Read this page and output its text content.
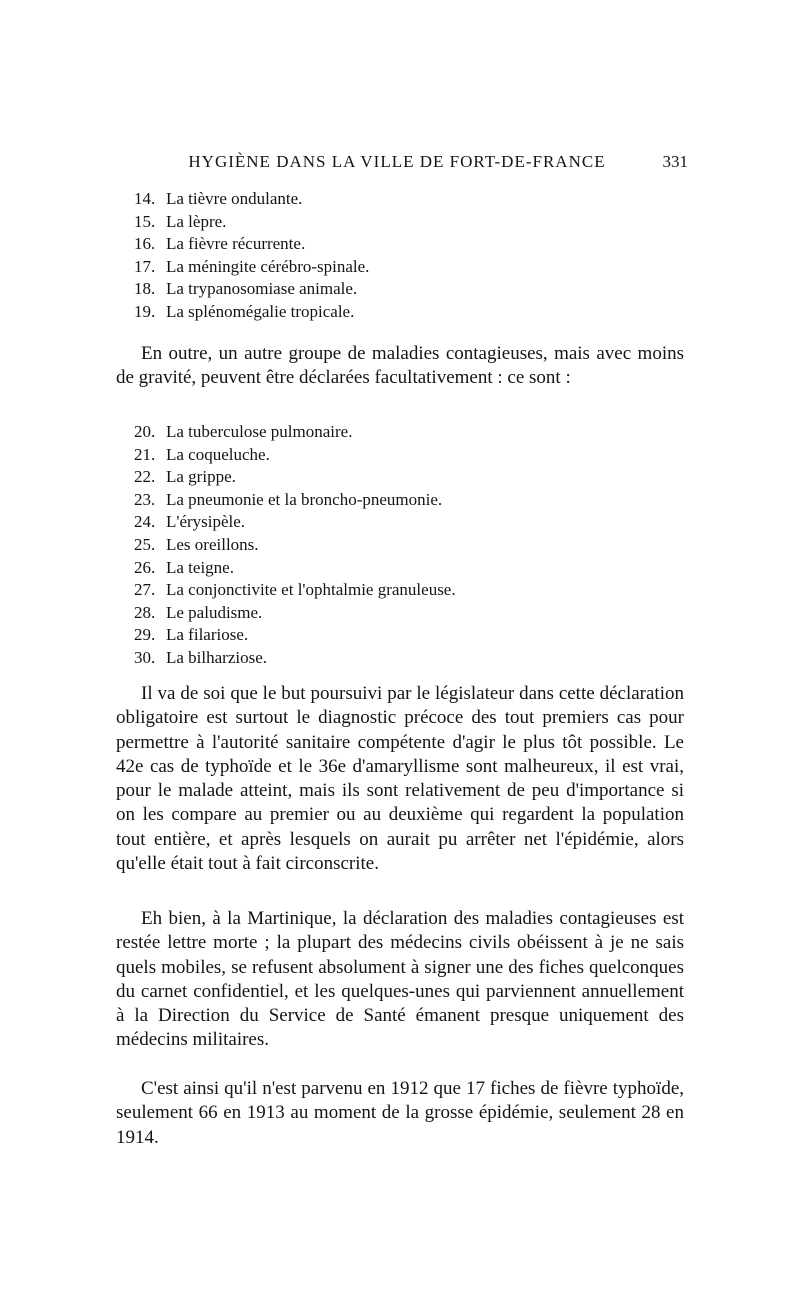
HYGIÈNE DANS LA VILLE DE FORT-DE-FRANCE	331
14. La tièvre ondulante.
15. La lèpre.
16. La fièvre récurrente.
17. La méningite cérébro-spinale.
18. La trypanosomiase animale.
19. La splénomégalie tropicale.

En outre, un autre groupe de maladies contagieuses, mais avec moins de gravité, peuvent être déclarées facultativement : ce sont :

20. La tuberculose pulmonaire.
21. La coqueluche.
22. La grippe.
23. La pneumonie et la broncho-pneumonie.
24. L'érysipèle.
25. Les oreillons.
26. La teigne.
27. La conjonctivite et l'ophtalmie granuleuse.
28. Le paludisme.
29. La filariose.
30. La bilharziose.

Il va de soi que le but poursuivi par le législateur dans cette déclaration obligatoire est surtout le diagnostic précoce des tout premiers cas pour permettre à l'autorité sanitaire compétente d'agir le plus tôt possible. Le 42e cas de typhoïde et le 36e d'amaryllisme sont malheureux, il est vrai, pour le malade atteint, mais ils sont relativement de peu d'importance si on les compare au premier ou au deuxième qui regardent la population tout entière, et après lesquels on aurait pu arrêter net l'épidémie, alors qu'elle était tout à fait circonscrite.

Eh bien, à la Martinique, la déclaration des maladies contagieuses est restée lettre morte ; la plupart des médecins civils obéissent à je ne sais quels mobiles, se refusent absolument à signer une des fiches quelconques du carnet confidentiel, et les quelques-unes qui parviennent annuellement à la Direction du Service de Santé émanent presque uniquement des médecins militaires.

C'est ainsi qu'il n'est parvenu en 1912 que 17 fiches de fièvre typhoïde, seulement 66 en 1913 au moment de la grosse épidémie, seulement 28 en 1914.
